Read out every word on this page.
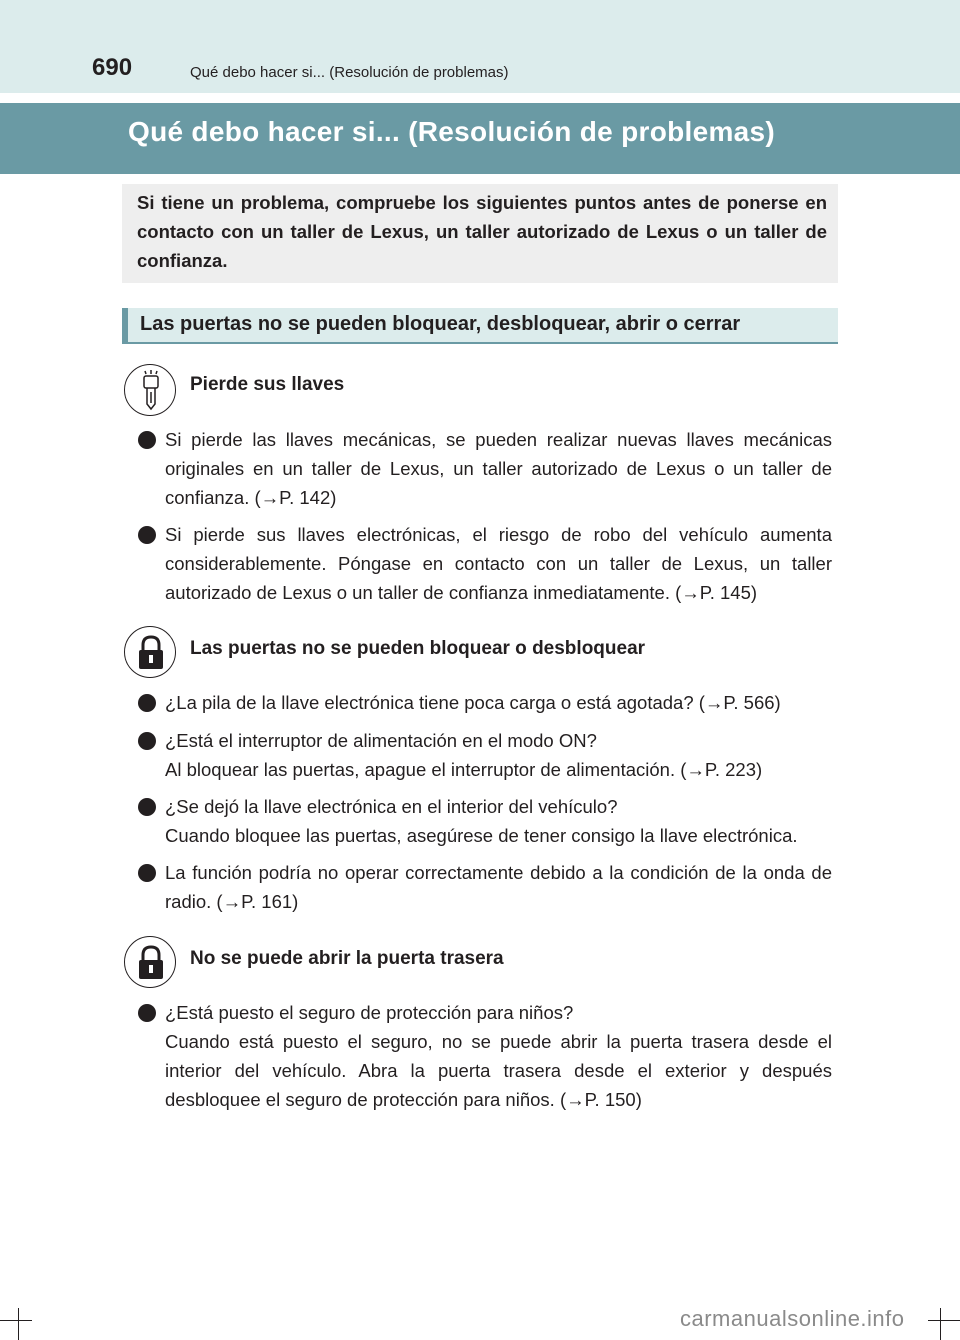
690	Qué debo hacer si... (Resolución de problemas)
Qué debo hacer si... (Resolución de problemas)
Si tiene un problema, compruebe los siguientes puntos antes de ponerse en contacto con un taller de Lexus, un taller autorizado de Lexus o un taller de confianza.
Las puertas no se pueden bloquear, desbloquear, abrir o cerrar
Pierde sus llaves
Si pierde las llaves mecánicas, se pueden realizar nuevas llaves mecánicas originales en un taller de Lexus, un taller autorizado de Lexus o un taller de confianza. (→P. 142)
Si pierde sus llaves electrónicas, el riesgo de robo del vehículo aumenta considerablemente. Póngase en contacto con un taller de Lexus, un taller autorizado de Lexus o un taller de confianza inmediatamente. (→P. 145)
Las puertas no se pueden bloquear o desbloquear
¿La pila de la llave electrónica tiene poca carga o está agotada? (→P. 566)
¿Está el interruptor de alimentación en el modo ON?
Al bloquear las puertas, apague el interruptor de alimentación. (→P. 223)
¿Se dejó la llave electrónica en el interior del vehículo?
Cuando bloquee las puertas, asegúrese de tener consigo la llave electrónica.
La función podría no operar correctamente debido a la condición de la onda de radio. (→P. 161)
No se puede abrir la puerta trasera
¿Está puesto el seguro de protección para niños?
Cuando está puesto el seguro, no se puede abrir la puerta trasera desde el interior del vehículo. Abra la puerta trasera desde el exterior y después desbloquee el seguro de protección para niños. (→P. 150)
carmanualsonline.info
